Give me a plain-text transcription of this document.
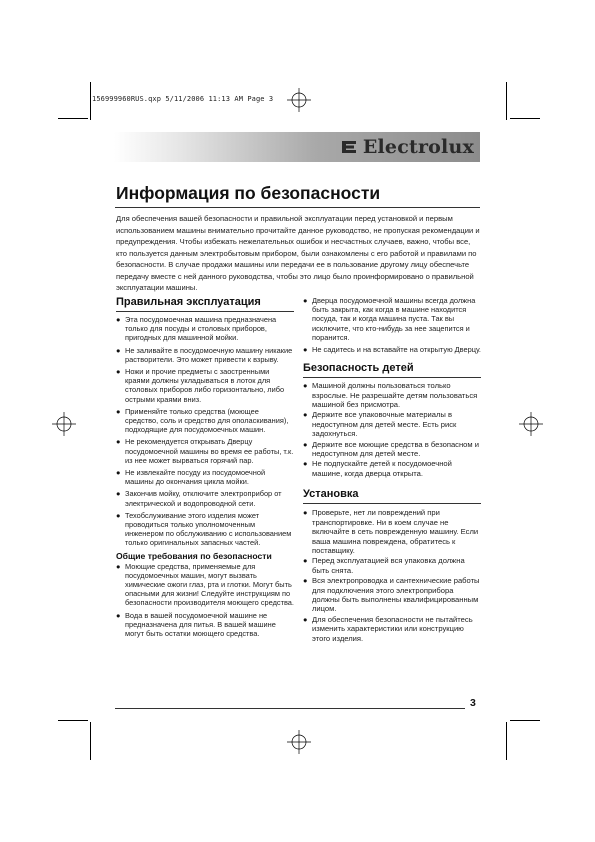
156999960RUS.qxp 5/11/2006 11:13 AM Page 3
Electrolux
Информация по безопасности
Для обеспечения вашей безопасности и правильной эксплуатации перед установкой и первым использованием машины внимательно прочитайте данное руководство, не пропуская рекомендации и предупреждения. Чтобы избежать нежелательных ошибок и несчастных случаев, важно, чтобы все, кто пользуется данным электробытовым прибором, были ознакомлены с его работой и правилами по безопасности. В случае продажи машины или передачи ее в пользование другому лицу обеспечьте передачу вместе с ней данного руководства, чтобы это лицо было проинформировано о правильной эксплуатации машины.
Правильная эксплуатация
● Эта посудомоечная машина предназначена только для посуды и столовых приборов, пригодных для машинной мойки.
● Не заливайте в посудомоечную машину никакие растворители. Это может привести к взрыву.
● Ножи и прочие предметы с заостренными краями должны укладываться в лоток для столовых приборов либо горизонтально, либо острыми краями вниз.
● Применяйте только средства (моющее средство, соль и средство для ополаскивания), подходящие для посудомоечных машин.
● Не рекомендуется открывать Дверцу посудомоечной машины во время ее работы, т.к. из нее может вырваться горячий пар.
● Не извлекайте посуду из посудомоечной машины до окончания цикла мойки.
● Закончив мойку, отключите электроприбор от электрической и водопроводной сети.
● Техобслуживание этого изделия может проводиться только уполномоченным инженером по обслуживанию с использованием только оригинальных запасных частей.
Общие требования по безопасности
● Моющие средства, применяемые для посудомоечных машин, могут вызвать химические ожоги глаз, рта и глотки. Могут быть опасными для жизни! Следуйте инструкциям по безопасности производителя моющего средства.
● Вода в вашей посудомоечной машине не предназначена для питья. В вашей машине могут быть остатки моющего средства.
● Дверца посудомоечной машины всегда должна быть закрыта, как когда в машине находится посуда, так и когда машина пуста. Так вы исключите, что кто-нибудь за нее зацепится и поранится.
● Не садитесь и на вставайте на открытую Дверцу.
Безопасность детей
● Машиной должны пользоваться только взрослые. Не разрешайте детям пользоваться машиной без присмотра.
● Держите все упаковочные материалы в недоступном для детей месте. Есть риск задохнуться.
● Держите все моющие средства в безопасном и недоступном для детей месте.
● Не подпускайте детей к посудомоечной машине, когда дверца открыта.
Установка
● Проверьте, нет ли повреждений при транспортировке. Ни в коем случае не включайте в сеть поврежденную машину. Если ваша машина повреждена, обратитесь к поставщику.
● Перед эксплуатацией вся упаковка должна быть снята.
● Вся электропроводка и сантехнические работы для подключения этого электроприбора должны быть выполнены квалифицированным лицом.
● Для обеспечения безопасности не пытайтесь изменить характеристики или конструкцию этого изделия.
3
